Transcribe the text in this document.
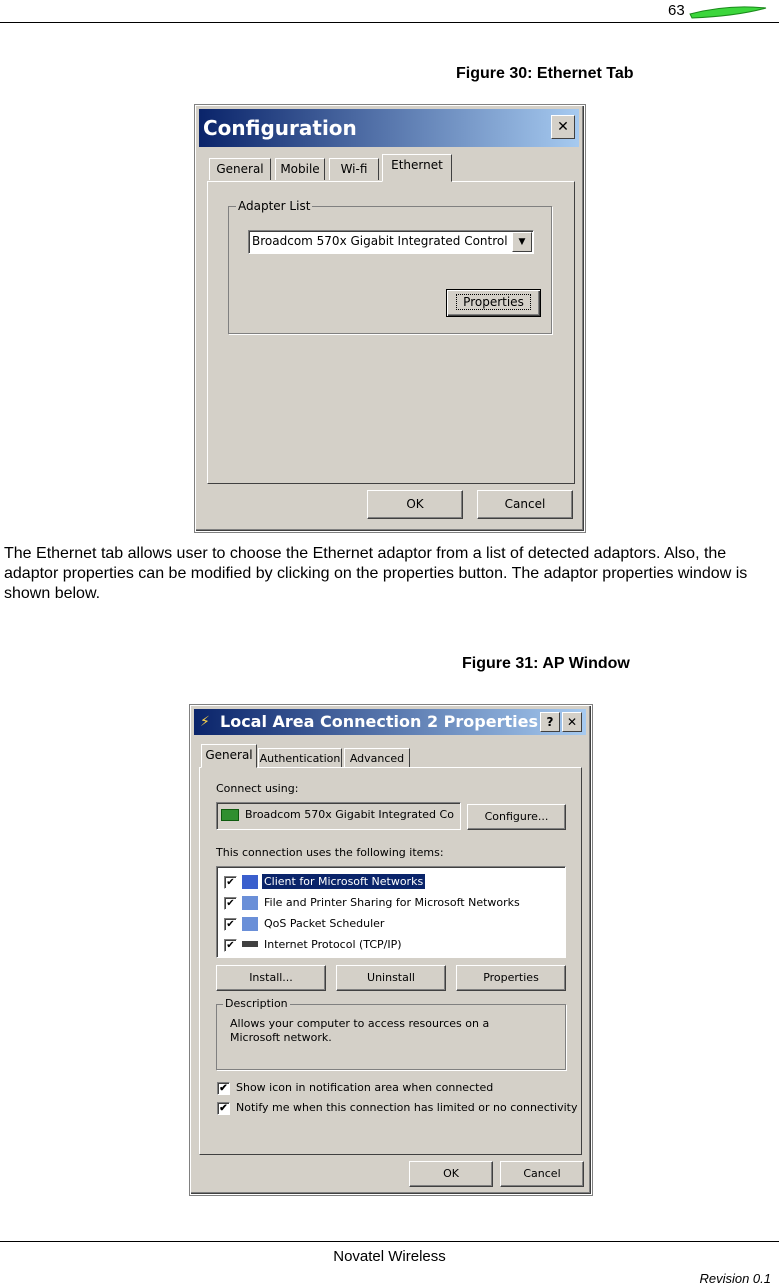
63
Figure 30: Ethernet Tab
Configuration	✕
General	Mobile	Wi-fi	Ethernet
Adapter List
Broadcom 570x Gigabit Integrated Control	▼
Properties
OK	Cancel
The Ethernet tab allows user to choose the Ethernet adaptor from a list of detected adaptors. Also, the adaptor properties can be modified by clicking on the properties button. The adaptor properties window is shown below.
Figure 31: AP Window
⚡ Local Area Connection 2 Properties ?	✕
General Authentication Advanced
Connect using:
Broadcom 570x Gigabit Integrated Co	Configure...
This connection uses the following items:
✔	Client for Microsoft Networks
✔	File and Printer Sharing for Microsoft Networks
✔	QoS Packet Scheduler
✔	Internet Protocol (TCP/IP)
Install...	Uninstall	Properties
Description
Allows your computer to access resources on a Microsoft network.
✔ Show icon in notification area when connected
✔ Notify me when this connection has limited or no connectivity
OK	Cancel
Novatel Wireless
Revision 0.1
